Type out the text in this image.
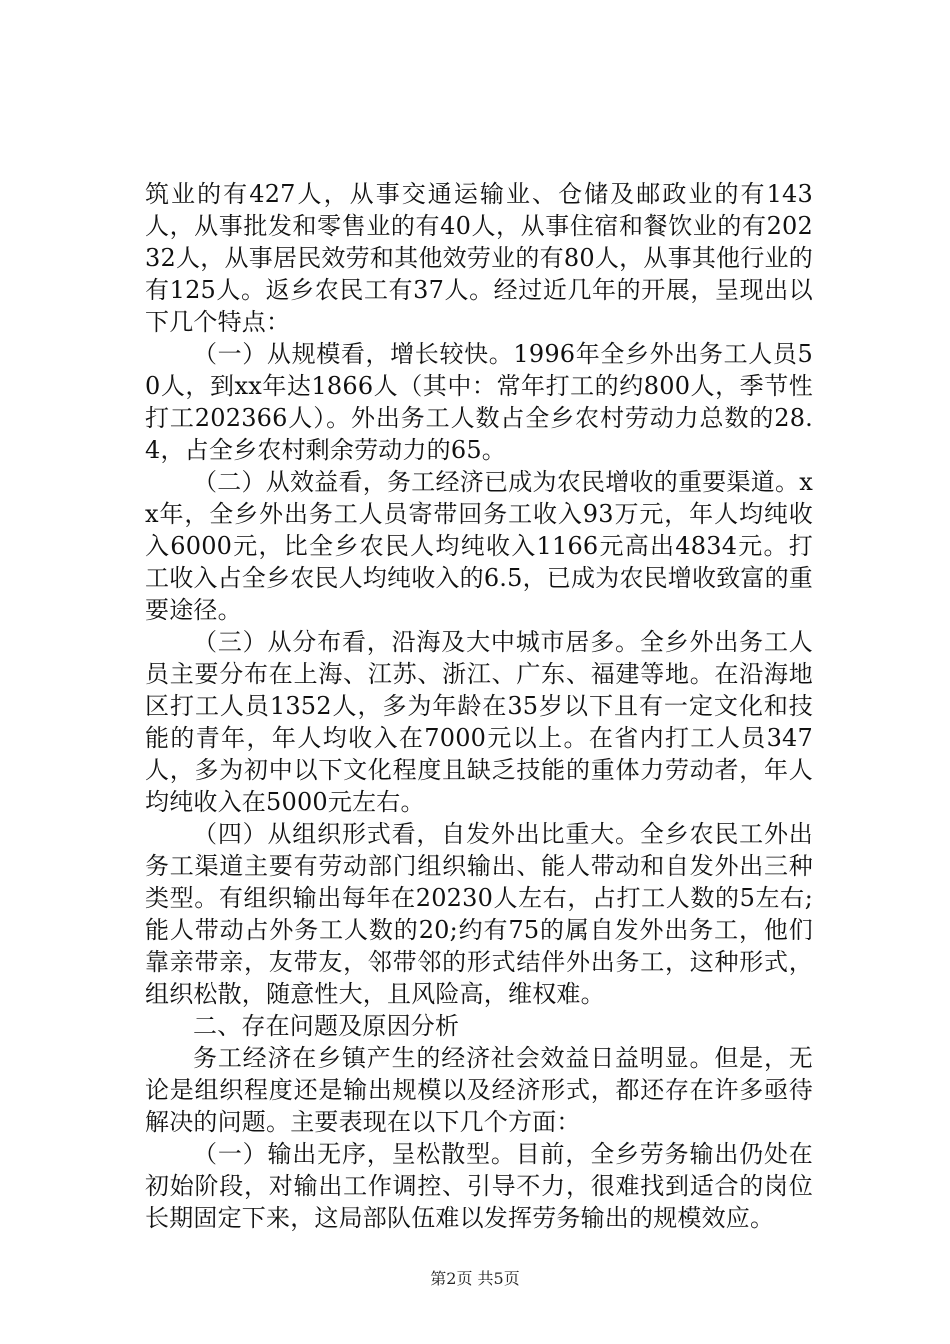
筑业的有427人，从事交通运输业、仓储及邮政业的有143人，从事批发和零售业的有40人，从事住宿和餐饮业的有20232人，从事居民效劳和其他效劳业的有80人，从事其他行业的有125人。返乡农民工有37人。经过近几年的开展，呈现出以下几个特点：

（一）从规模看，增长较快。1996年全乡外出务工人员50人，到xx年达1866人（其中：常年打工的约800人，季节性打工202366人）。外出务工人数占全乡农村劳动力总数的28.4，占全乡农村剩余劳动力的65。

（二）从效益看，务工经济已成为农民增收的重要渠道。xx年，全乡外出务工人员寄带回务工收入93万元，年人均纯收入6000元，比全乡农民人均纯收入1166元高出4834元。打工收入占全乡农民人均纯收入的6.5，已成为农民增收致富的重要途径。

（三）从分布看，沿海及大中城市居多。全乡外出务工人员主要分布在上海、江苏、浙江、广东、福建等地。在沿海地区打工人员1352人，多为年龄在35岁以下且有一定文化和技能的青年，年人均收入在7000元以上。在省内打工人员347人，多为初中以下文化程度且缺乏技能的重体力劳动者，年人均纯收入在5000元左右。

（四）从组织形式看，自发外出比重大。全乡农民工外出务工渠道主要有劳动部门组织输出、能人带动和自发外出三种类型。有组织输出每年在20230人左右，占打工人数的5左右;能人带动占外务工人数的20;约有75的属自发外出务工，他们靠亲带亲，友带友，邻带邻的形式结伴外出务工，这种形式，组织松散，随意性大，且风险高，维权难。

二、存在问题及原因分析

务工经济在乡镇产生的经济社会效益日益明显。但是，无论是组织程度还是输出规模以及经济形式，都还存在许多亟待解决的问题。主要表现在以下几个方面：

（一）输出无序，呈松散型。目前，全乡劳务输出仍处在初始阶段，对输出工作调控、引导不力，很难找到适合的岗位长期固定下来，这局部队伍难以发挥劳务输出的规模效应。

第2页 共5页
